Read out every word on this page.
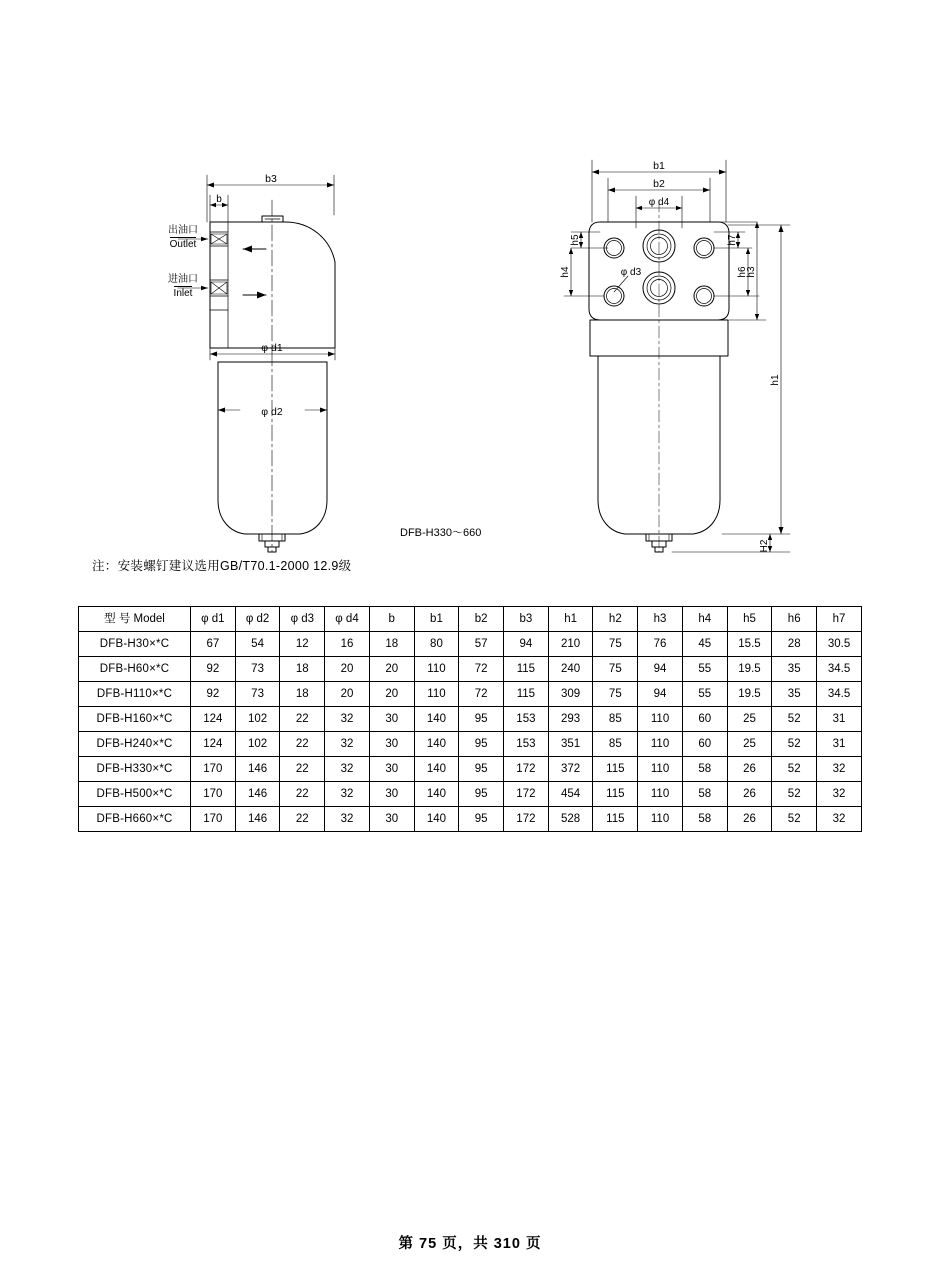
b3
b
φ d1
φ d2
b1
b2
φ d4
φ d3
h5
h4
h7
h6
h3
h1
H2
出油口
Outlet
进油口
Inlet
DFB-H330～660
注：安装螺钉建议选用GB/T70.1-2000 12.9级
型 号 Model	φ d1	φ d2	φ d3	φ d4	b	b1	b2	b3	h1	h2	h3	h4	h5	h6	h7
DFB-H30×*C	67	54	12	16	18	80	57	94	210	75	76	45	15.5	28	30.5
DFB-H60×*C	92	73	18	20	20	110	72	115	240	75	94	55	19.5	35	34.5
DFB-H110×*C	92	73	18	20	20	110	72	115	309	75	94	55	19.5	35	34.5
DFB-H160×*C	124	102	22	32	30	140	95	153	293	85	110	60	25	52	31
DFB-H240×*C	124	102	22	32	30	140	95	153	351	85	110	60	25	52	31
DFB-H330×*C	170	146	22	32	30	140	95	172	372	115	110	58	26	52	32
DFB-H500×*C	170	146	22	32	30	140	95	172	454	115	110	58	26	52	32
DFB-H660×*C	170	146	22	32	30	140	95	172	528	115	110	58	26	52	32
第 75 页，共 310 页
